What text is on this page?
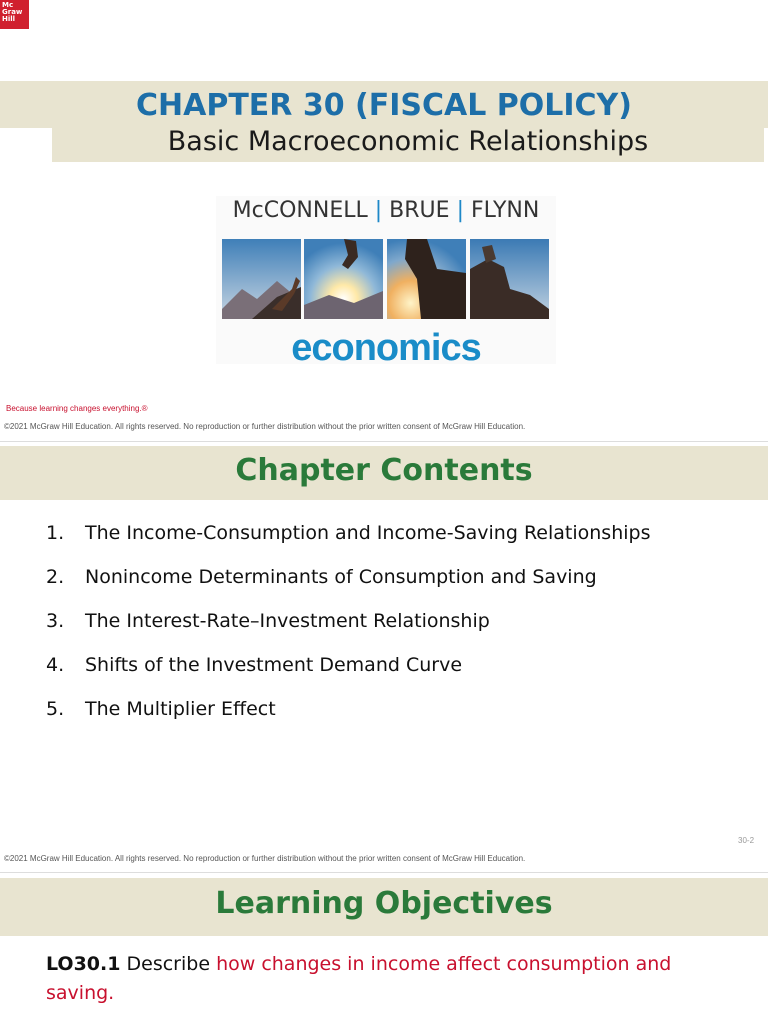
Mc
Graw
Hill
CHAPTER 30 (FISCAL POLICY)
Basic Macroeconomic Relationships
McCONNELL | BRUE | FLYNN
economics
Because learning changes everything.®
©2021 McGraw Hill Education. All rights reserved. No reproduction or further distribution without the prior written consent of McGraw Hill Education.
Chapter Contents
1. The Income-Consumption and Income-Saving Relationships
2. Nonincome Determinants of Consumption and Saving
3. The Interest-Rate–Investment Relationship
4. Shifts of the Investment Demand Curve
5. The Multiplier Effect
30-2
©2021 McGraw Hill Education. All rights reserved. No reproduction or further distribution without the prior written consent of McGraw Hill Education.
Learning Objectives
LO30.1 Describe how changes in income affect consumption and saving.
